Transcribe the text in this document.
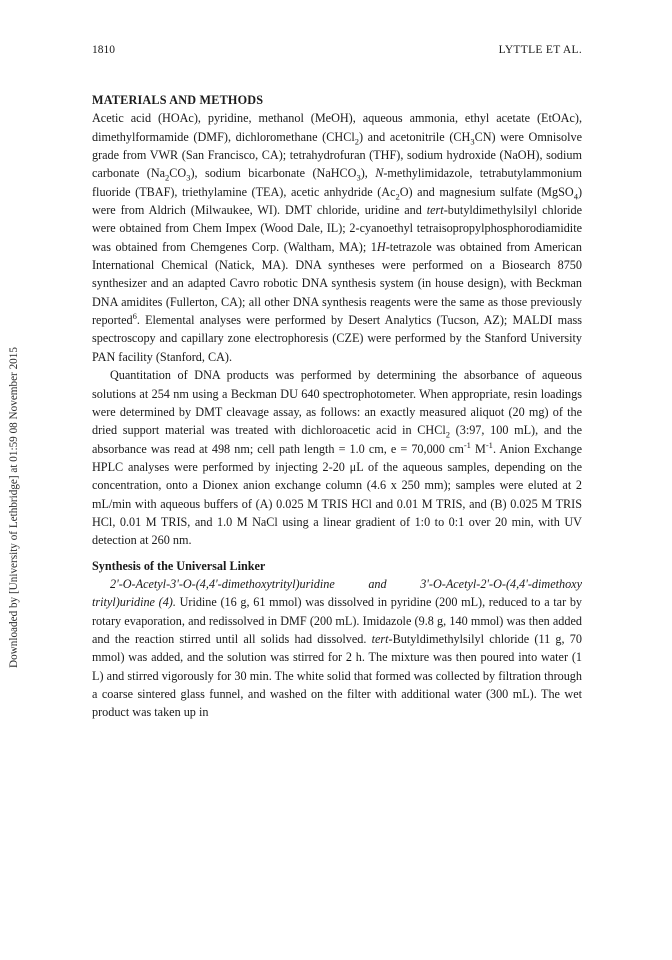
1810	LYTTLE ET AL.
Downloaded by [University of Lethbridge] at 01:59 08 November 2015
MATERIALS AND METHODS

Acetic acid (HOAc), pyridine, methanol (MeOH), aqueous ammonia, ethyl acetate (EtOAc), dimethylformamide (DMF), dichloromethane (CHCl$_2$) and acetonitrile $(CH_3CN)$ were Omnisolve grade from VWR (San Francisco, CA); tetrahydrofuran (THF), sodium hydroxide (NaOH), sodium carbonate $(Na_2CO_3)$, sodium bicarbonate (NaHCO$_3$), N-methylimidazole, tetrabutylammonium fluoride (TBAF), triethylamine (TEA), acetic anhydride $(Ac_2O)$ and magnesium sulfate (MgSO$_4$) were from Aldrich (Milwaukee, WI). DMT chloride, uridine and tert-butyldimethylsilyl chloride were obtained from Chem Impex (Wood Dale, IL); 2-cyanoethyl tetraisopropylphosphorodiamidite was obtained from Chemgenes Corp. (Waltham, MA); 1H-tetrazole was obtained from American International Chemical (Natick, MA). DNA syntheses were performed on a Biosearch 8750 synthesizer and an adapted Cavro robotic DNA synthesis system (in house design), with Beckman DNA amidites (Fullerton, CA); all other DNA synthesis reagents were the same as those previously reported$^6$. Elemental analyses were performed by Desert Analytics (Tucson, AZ); MALDI mass spectroscopy and capillary zone electrophoresis (CZE) were performed by the Stanford University PAN facility (Stanford, CA).

Quantitation of DNA products was performed by determining the absorbance of aqueous solutions at 254 nm using a Beckman DU 640 spectrophotometer. When appropriate, resin loadings were determined by DMT cleavage assay, as follows: an exactly measured aliquot (20 mg) of the dried support material was treated with dichloroacetic acid in CHCl$_2$ (3:97, 100 mL), and the absorbance was read at 498 nm; cell path length = 1.0 cm, e = 70,000 $cm^{-1}$ $M^{-1}$. Anion Exchange HPLC analyses were performed by injecting 2-20 μL of the aqueous samples, depending on the concentration, onto a Dionex anion exchange column (4.6 x 250 mm); samples were eluted at 2 mL/min with aqueous buffers of (A) 0.025 M TRIS HCl and 0.01 M TRIS, and (B) 0.025 M TRIS HCl, 0.01 M TRIS, and 1.0 M NaCl using a linear gradient of 1:0 to 0:1 over 20 min, with UV detection at 260 nm.

Synthesis of the Universal Linker

2'-O-Acetyl-3'-O-(4,4'-dimethoxytrityl)uridine and 3'-O-Acetyl-2'-O-(4,4'-dimethoxy trityl)uridine (4). Uridine (16 g, 61 mmol) was dissolved in pyridine (200 mL), reduced to a tar by rotary evaporation, and redissolved in DMF (200 mL). Imidazole (9.8 g, 140 mmol) was then added and the reaction stirred until all solids had dissolved. tert-Butyldimethylsilyl chloride (11 g, 70 mmol) was added, and the solution was stirred for 2 h. The mixture was then poured into water (1 L) and stirred vigorously for 30 min. The white solid that formed was collected by filtration through a coarse sintered glass funnel, and washed on the filter with additional water (300 mL). The wet product was taken up in
